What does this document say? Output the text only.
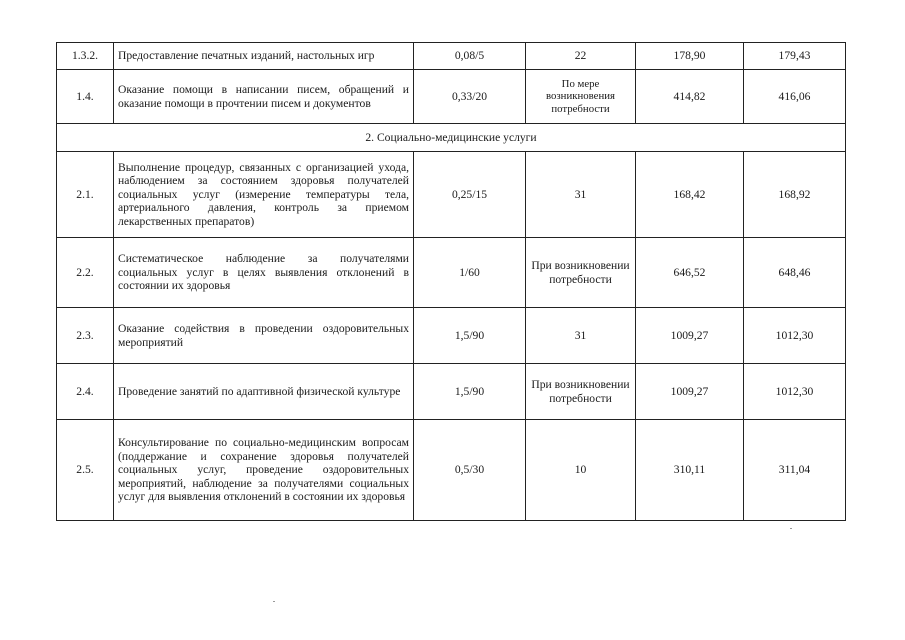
1.3.2.	Предоставление печатных изданий, настольных игр	0,08/5	22	178,90	179,43
1.4.	Оказание помощи в написании писем, обращений и оказание помощи в прочтении писем и документов	0,33/20	По мере возникновения потребности	414,82	416,06
2. Социально-медицинские услуги					
2.1.	Выполнение процедур, связанных с организацией ухода, наблюдением за состоянием здоровья получателей социальных услуг (измерение температуры тела, артериального давления, контроль за приемом лекарственных препаратов)	0,25/15	31	168,42	168,92
2.2.	Систематическое наблюдение за получателями социальных услуг в целях выявления отклонений в состоянии их здоровья	1/60	При возникновении потребности	646,52	648,46
2.3.	Оказание содействия в проведении оздоровительных мероприятий	1,5/90	31	1009,27	1012,30
2.4.	Проведение занятий по адаптивной физической культуре	1,5/90	При возникновении потребности	1009,27	1012,30
2.5.	Консультирование по социально-медицинским вопросам (поддержание и сохранение здоровья получателей социальных услуг, проведение оздоровительных мероприятий, наблюдение за получателями социальных услуг для выявления отклонений в состоянии их здоровья	0,5/30	10	310,11	311,04
